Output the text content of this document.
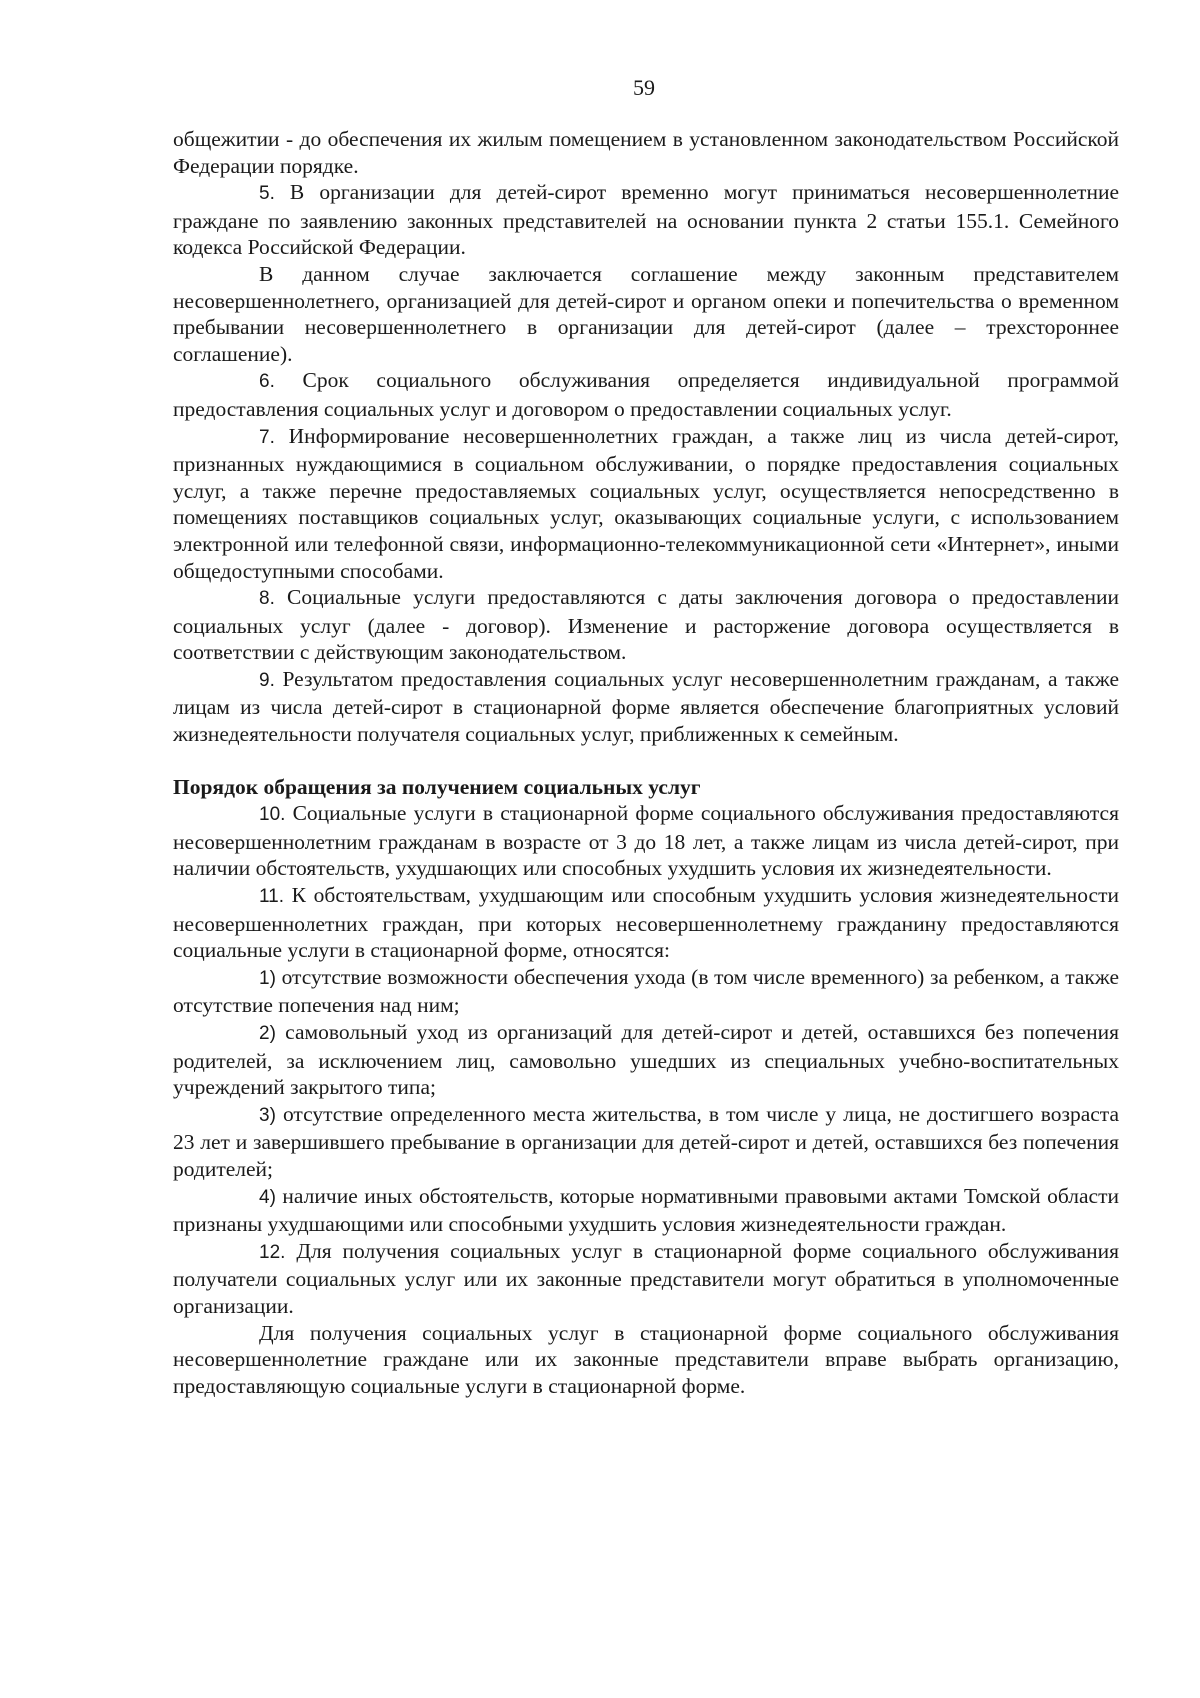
59

общежитии - до обеспечения их жилым помещением в установленном законодательством Российской Федерации порядке.

5. В организации для детей-сирот временно могут приниматься несовершеннолетние граждане по заявлению законных представителей на основании пункта 2 статьи 155.1. Семейного кодекса Российской Федерации.

В данном случае заключается соглашение между законным представителем несовершеннолетнего, организацией для детей-сирот и органом опеки и попечительства о временном пребывании несовершеннолетнего в организации для детей-сирот (далее – трехстороннее соглашение).

6. Срок социального обслуживания определяется индивидуальной программой предоставления социальных услуг и договором о предоставлении социальных услуг.

7. Информирование несовершеннолетних граждан, а также лиц из числа детей-сирот, признанных нуждающимися в социальном обслуживании, о порядке предоставления социальных услуг, а также перечне предоставляемых социальных услуг, осуществляется непосредственно в помещениях поставщиков социальных услуг, оказывающих социальные услуги, с использованием электронной или телефонной связи, информационно-телекоммуникационной сети «Интернет», иными общедоступными способами.

8. Социальные услуги предоставляются с даты заключения договора о предоставлении социальных услуг (далее - договор). Изменение и расторжение договора осуществляется в соответствии с действующим законодательством.

9. Результатом предоставления социальных услуг несовершеннолетним гражданам, а также лицам из числа детей-сирот в стационарной форме является обеспечение благоприятных условий жизнедеятельности получателя социальных услуг, приближенных к семейным.

Порядок обращения за получением социальных услуг

10. Социальные услуги в стационарной форме социального обслуживания предоставляются несовершеннолетним гражданам в возрасте от 3 до 18 лет, а также лицам из числа детей-сирот, при наличии обстоятельств, ухудшающих или способных ухудшить условия их жизнедеятельности.

11. К обстоятельствам, ухудшающим или способным ухудшить условия жизнедеятельности несовершеннолетних граждан, при которых несовершеннолетнему гражданину предоставляются социальные услуги в стационарной форме, относятся:

1) отсутствие возможности обеспечения ухода (в том числе временного) за ребенком, а также отсутствие попечения над ним;

2) самовольный уход из организаций для детей-сирот и детей, оставшихся без попечения родителей, за исключением лиц, самовольно ушедших из специальных учебно-воспитательных учреждений закрытого типа;

3) отсутствие определенного места жительства, в том числе у лица, не достигшего возраста 23 лет и завершившего пребывание в организации для детей-сирот и детей, оставшихся без попечения родителей;

4) наличие иных обстоятельств, которые нормативными правовыми актами Томской области признаны ухудшающими или способными ухудшить условия жизнедеятельности граждан.

12. Для получения социальных услуг в стационарной форме социального обслуживания получатели социальных услуг или их законные представители могут обратиться в уполномоченные организации.

Для получения социальных услуг в стационарной форме социального обслуживания несовершеннолетние граждане или их законные представители вправе выбрать организацию, предоставляющую социальные услуги в стационарной форме.
